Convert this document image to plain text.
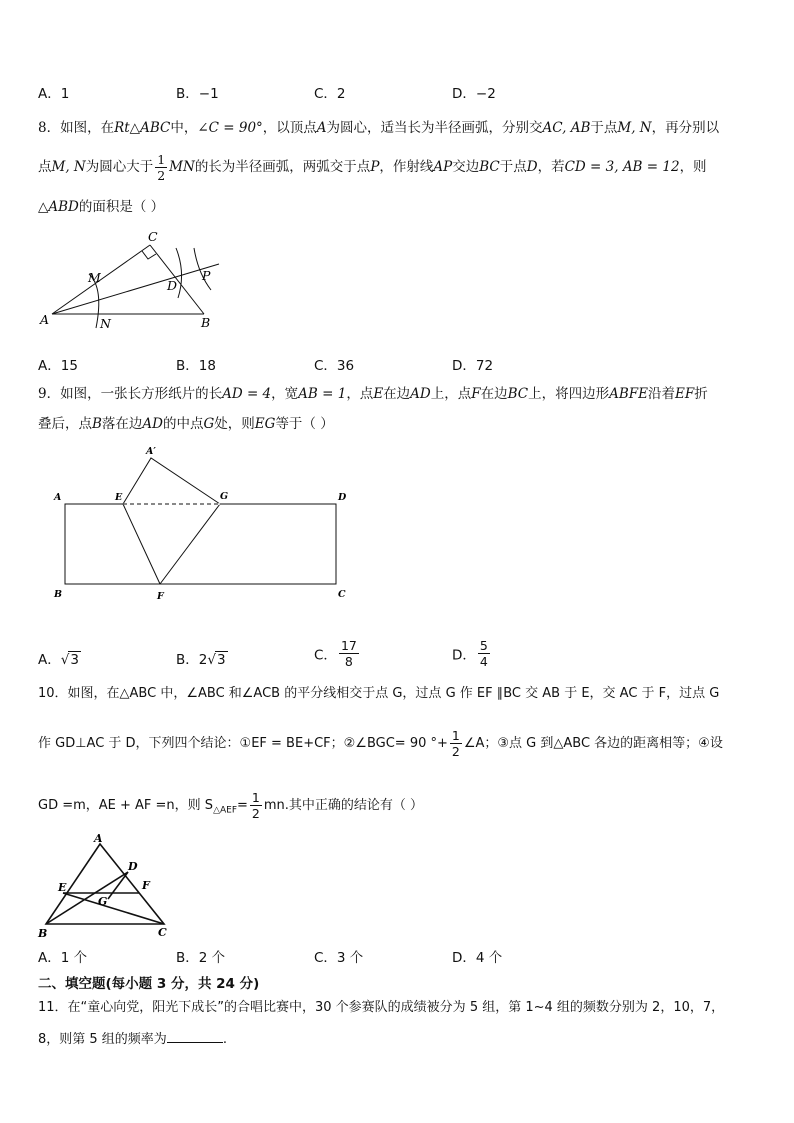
A．1	B．−1	C．2	D．−2
8．如图，在Rt△ABC中，∠C = 90°，以顶点A为圆心，适当长为半径画弧，分别交AC, AB于点M, N，再分别以
点M, N为圆心大于 $\frac{1}{2}$ MN的长为半径画弧，两弧交于点P，作射线AP交边BC于点D，若CD = 3, AB = 12，则
△ABD的面积是（ ）
A	B
C
D
M
N
P
A．15	B．18	C．36	D．72
9．如图，一张长方形纸片的长AD = 4，宽AB = 1，点E在边AD上，点F在边BC上，将四边形ABFE沿着EF折
叠后，点B落在边AD的中点G处，则EG等于（ ）
A′
A	E	G	D
B	F	C
A．√3	B．2√3	C． $\frac{17}{8}$	D． $\frac{5}{4}$
10．如图，在△ABC 中，∠ABC 和∠ACB 的平分线相交于点 G，过点 G 作 EF ∥BC 交 AB 于 E，交 AC 于 F，过点 G
作 GD⊥AC 于 D，下列四个结论：①EF = BE+CF；②∠BGC= 90 °+ $\frac{1}{2}$ ∠A；③点 G 到△ABC 各边的距离相等；④设
GD =m，AE + AF =n，则 $S_{\triangle AEF}= \frac{1}{2}$ mn.其中正确的结论有（ ）
A
D
E	F
G
B	C
A．1 个	B．2 个	C．3 个	D．4 个
二、填空题(每小题 3 分，共 24 分)
11．在“童心向党，阳光下成长”的合唱比赛中，30 个参赛队的成绩被分为 5 组，第 1~4 组的频数分别为 2，10，7，
8，则第 5 组的频率为	.
